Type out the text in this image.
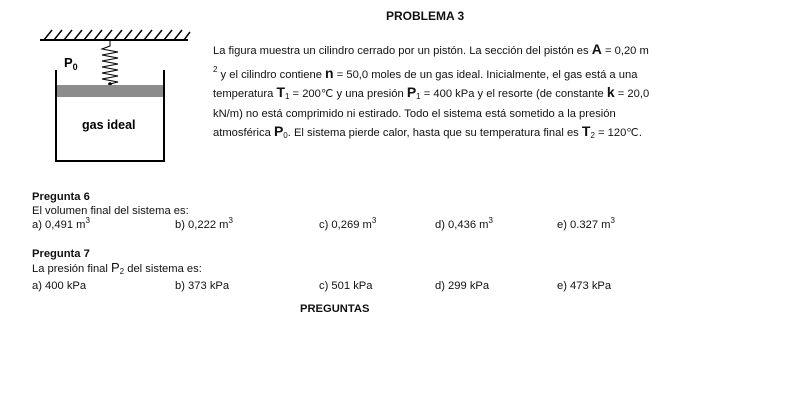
PROBLEMA 3
$P_0$
gas ideal
La figura muestra un cilindro cerrado por un pistón. La sección del pistón es A = 0,20 m $^2$ y el cilindro contiene n = 50,0 moles de un gas ideal. Inicialmente, el gas está a una temperatura $T_1$ = 200℃ y una presión $P_1 = 400$ kPa y el resorte (de constante k = 20,0 kN/m) no está comprimido ni estirado. Todo el sistema está sometido a la presión atmosférica $P_0$. El sistema pierde calor, hasta que su temperatura final es $T_2$ = 120℃.
Pregunta 6
El volumen final del sistema es:
a) 0,491 $m^3$	b) 0,222 $m^3$	c) 0,269 $m^3$	d) 0,436 $m^3$	e) 0.327 $m^3$
Pregunta 7
La presión final $P_2$ del sistema es:
a) 400 kPa	b) 373 kPa	c) 501 kPa	d) 299 kPa	e) 473 kPa
PREGUNTAS
